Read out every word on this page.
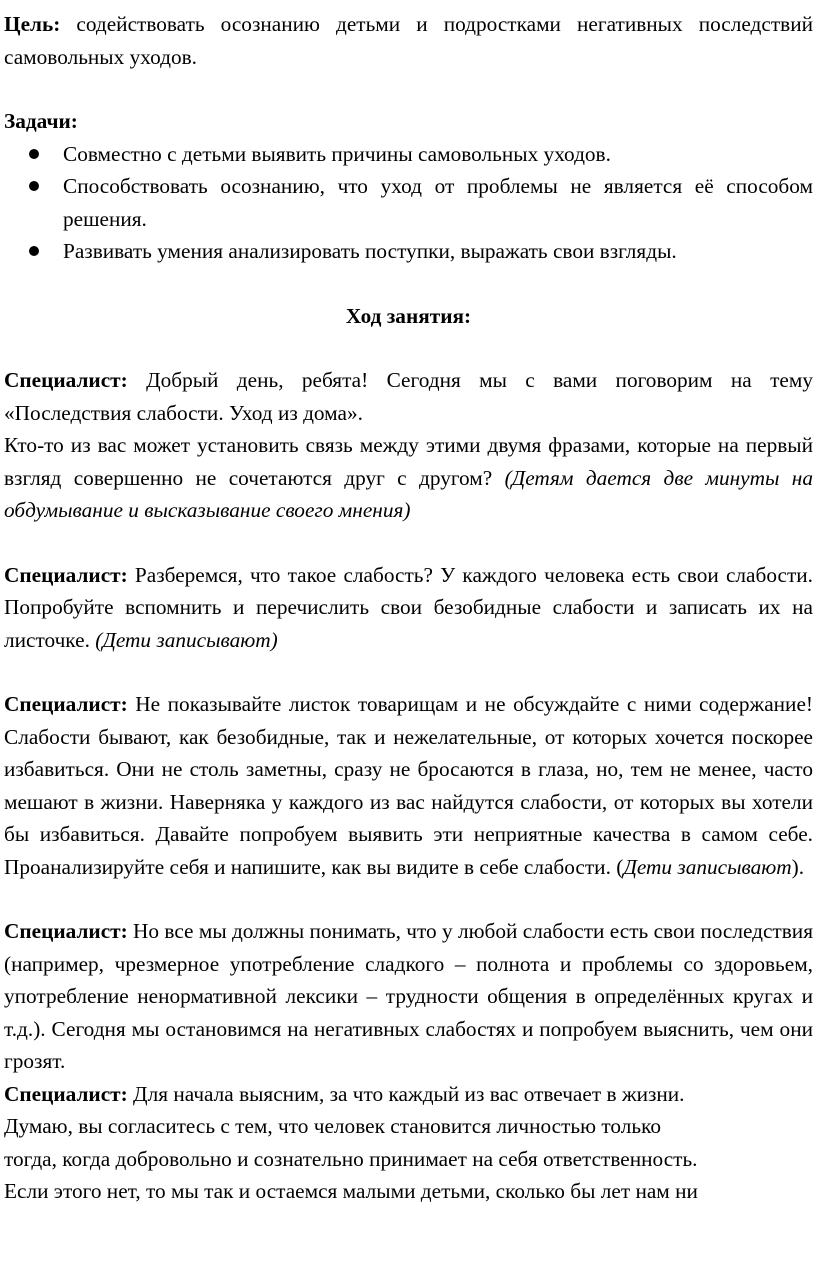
Цель: содействовать осознанию детьми и подростками негативных последствий самовольных уходов.

Задачи:

Совместно с детьми выявить причины самовольных уходов.
Способствовать осознанию, что уход от проблемы не является её способом решения.
Развивать умения анализировать поступки, выражать свои взгляды.

Ход занятия:

Специалист: Добрый день, ребята! Сегодня мы с вами поговорим на тему «Последствия слабости. Уход из дома».

Кто-то из вас может установить связь между этими двумя фразами, которые на первый взгляд совершенно не сочетаются друг с другом? (Детям дается две минуты на обдумывание и высказывание своего мнения)

Специалист: Разберемся, что такое слабость? У каждого человека есть свои слабости. Попробуйте вспомнить и перечислить свои безобидные слабости и записать их на листочке. (Дети записывают)

Специалист: Не показывайте листок товарищам и не обсуждайте с ними содержание! Слабости бывают, как безобидные, так и нежелательные, от которых хочется поскорее избавиться. Они не столь заметны, сразу не бросаются в глаза, но, тем не менее, часто мешают в жизни. Наверняка у каждого из вас найдутся слабости, от которых вы хотели бы избавиться. Давайте попробуем выявить эти неприятные качества в самом себе. Проанализируйте себя и напишите, как вы видите в себе слабости. (Дети записывают).

Специалист: Но все мы должны понимать, что у любой слабости есть свои последствия (например, чрезмерное употребление сладкого – полнота и проблемы со здоровьем, употребление ненормативной лексики – трудности общения в определённых кругах и т.д.). Сегодня мы остановимся на негативных слабостях и попробуем выяснить, чем они грозят.

Специалист: Для начала выясним, за что каждый из вас отвечает в жизни.

Думаю, вы согласитесь с тем, что человек становится личностью только
тогда, когда добровольно и сознательно принимает на себя ответственность.
Если этого нет, то мы так и остаемся малыми детьми, сколько бы лет нам ни
